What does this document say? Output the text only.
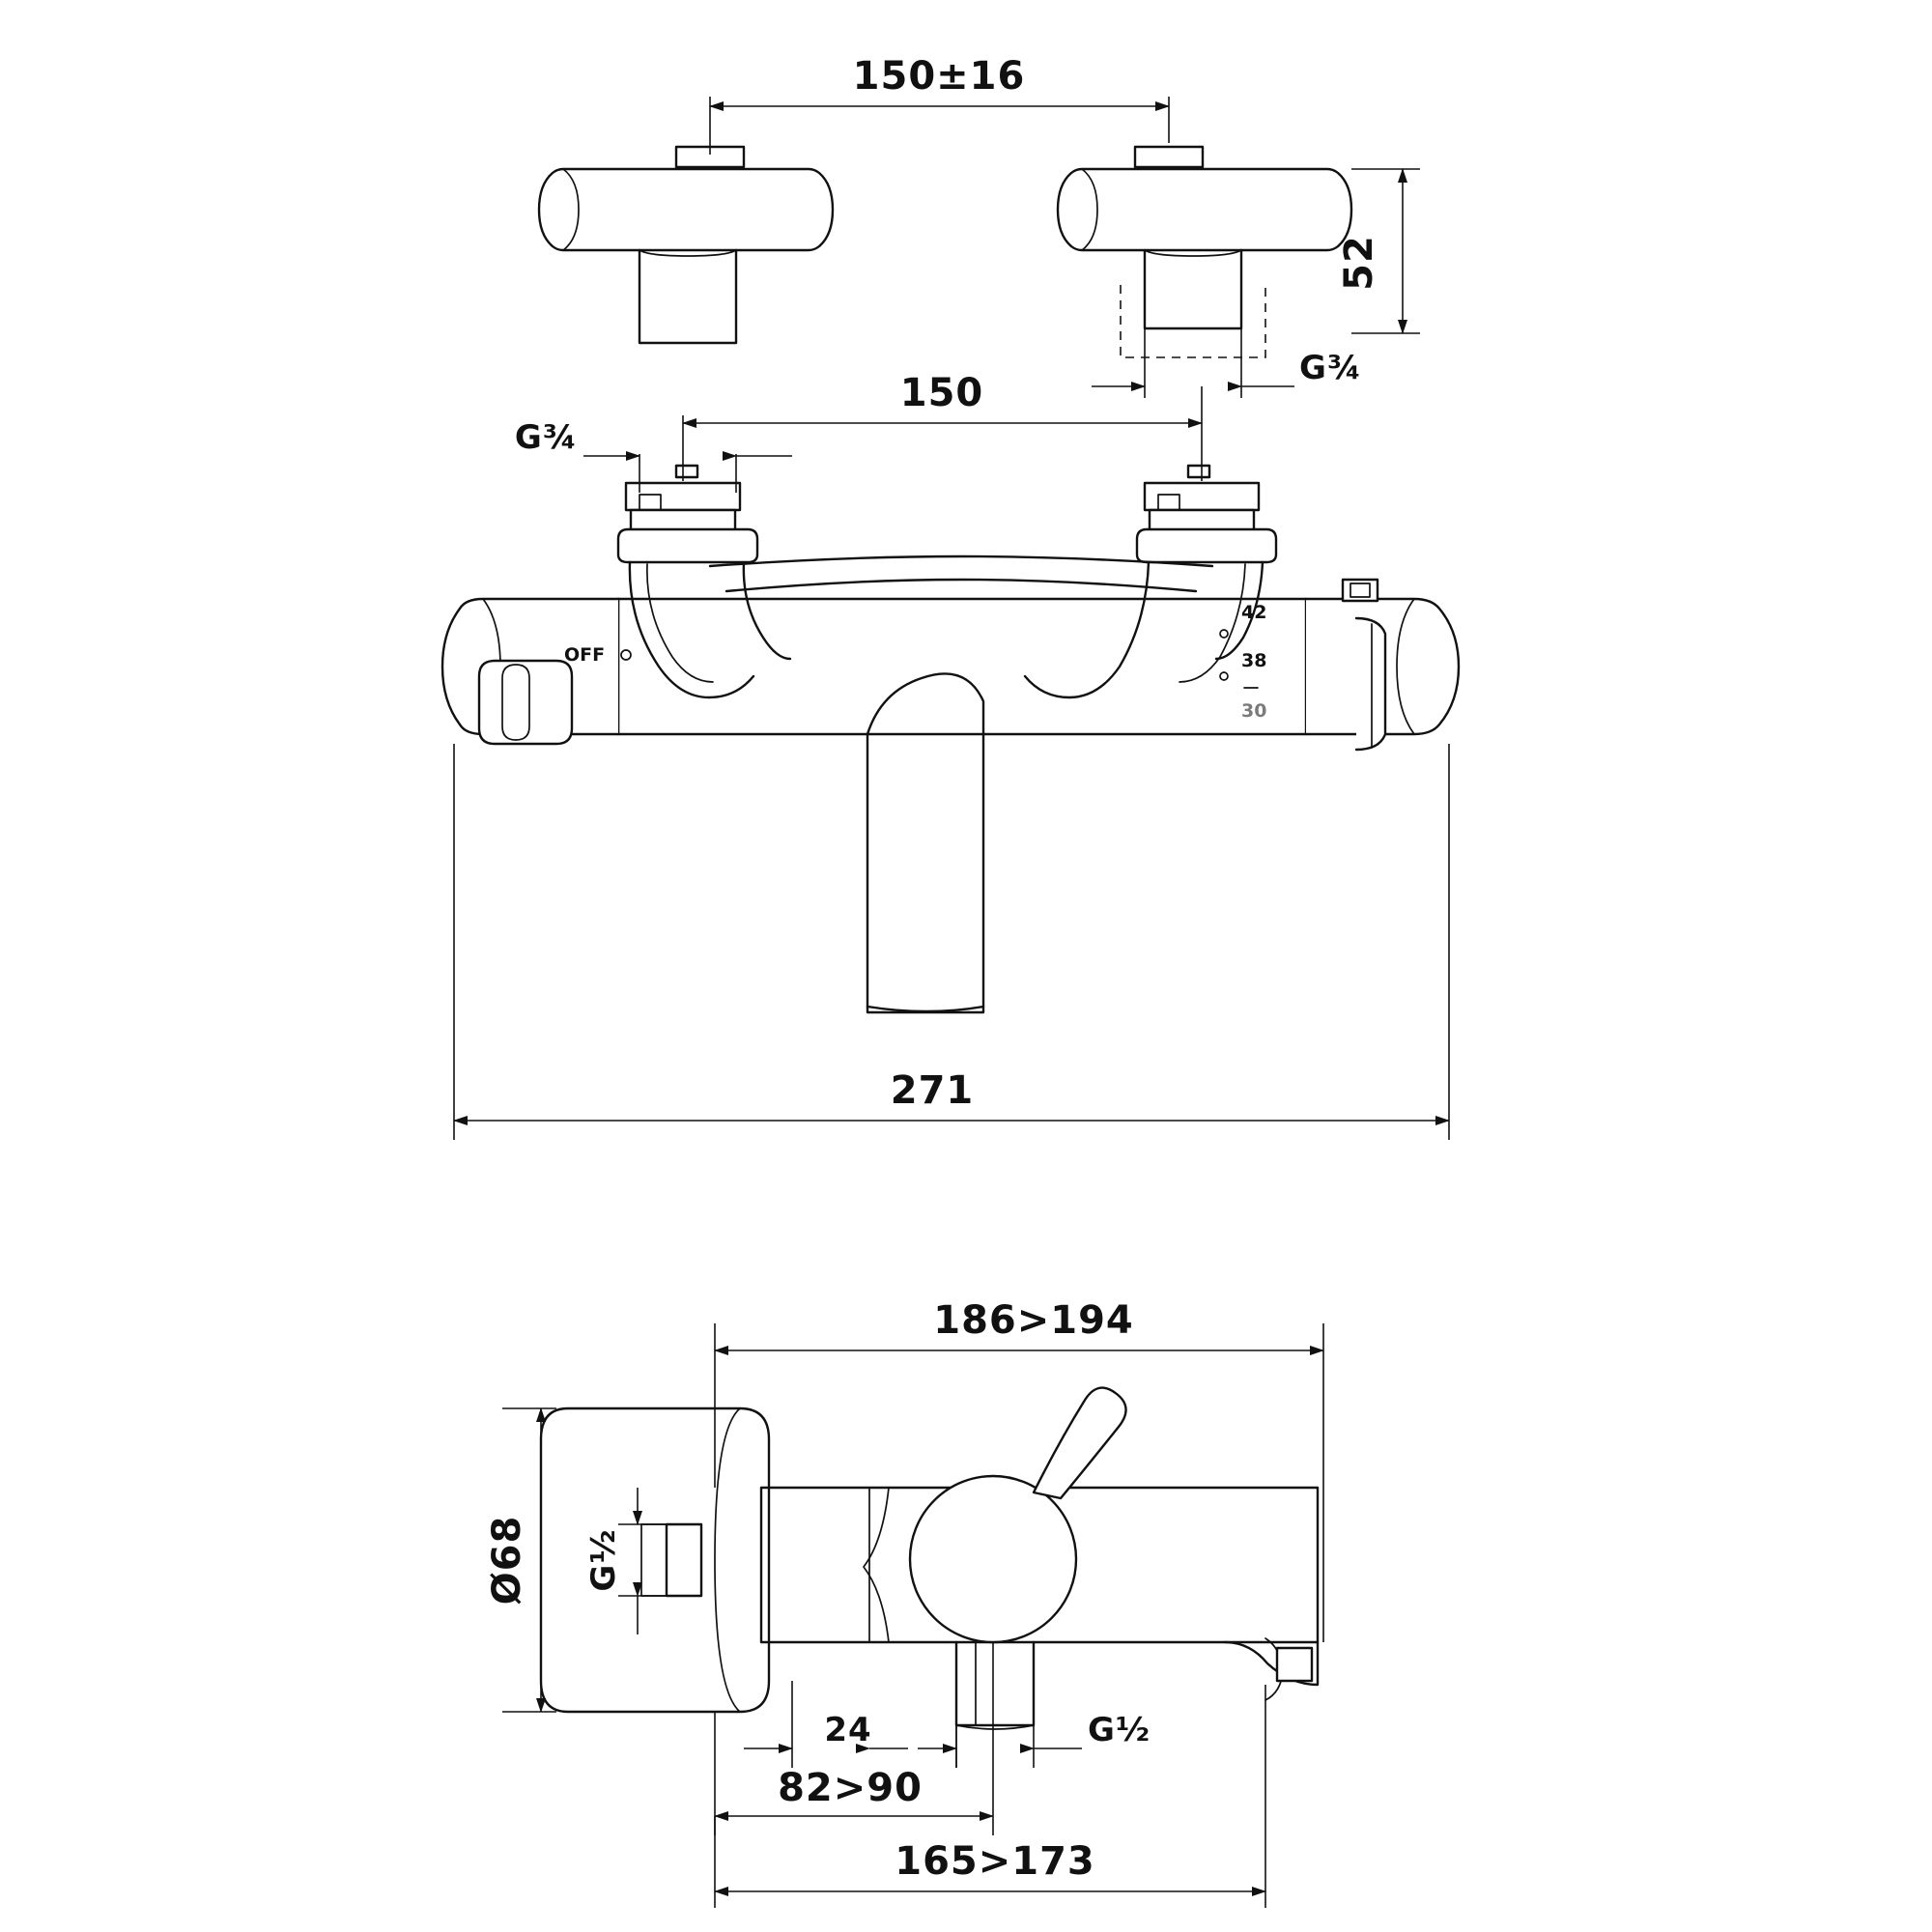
150±16
52
G¾
OFF
42
38
30
150
G¾
271
186>194
Ø68 G½
G½
24
82>90
165>173
